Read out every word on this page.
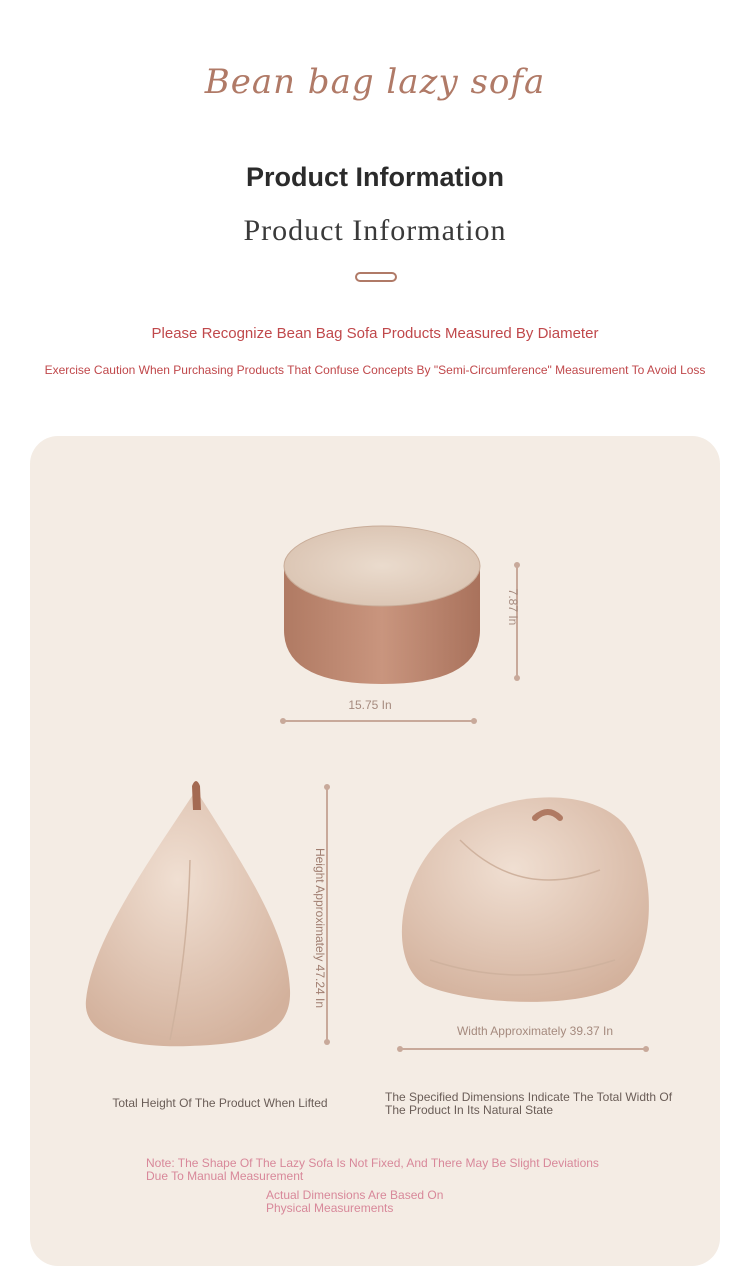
Bean bag lazy sofa
Product Information
Product Information
Please Recognize Bean Bag Sofa Products Measured By Diameter
Exercise Caution When Purchasing Products That Confuse Concepts By "Semi-Circumference" Measurement To Avoid Loss
15.75 In
7.87 In
Height Approximately 47.24 In
Width Approximately 39.37 In
Total Height Of The Product When Lifted	The Specified Dimensions Indicate The Total Width Of The Product In Its Natural State
Note: The Shape Of The Lazy Sofa Is Not Fixed, And There May Be Slight Deviations Due To Manual Measurement
Actual Dimensions Are Based On Physical Measurements
